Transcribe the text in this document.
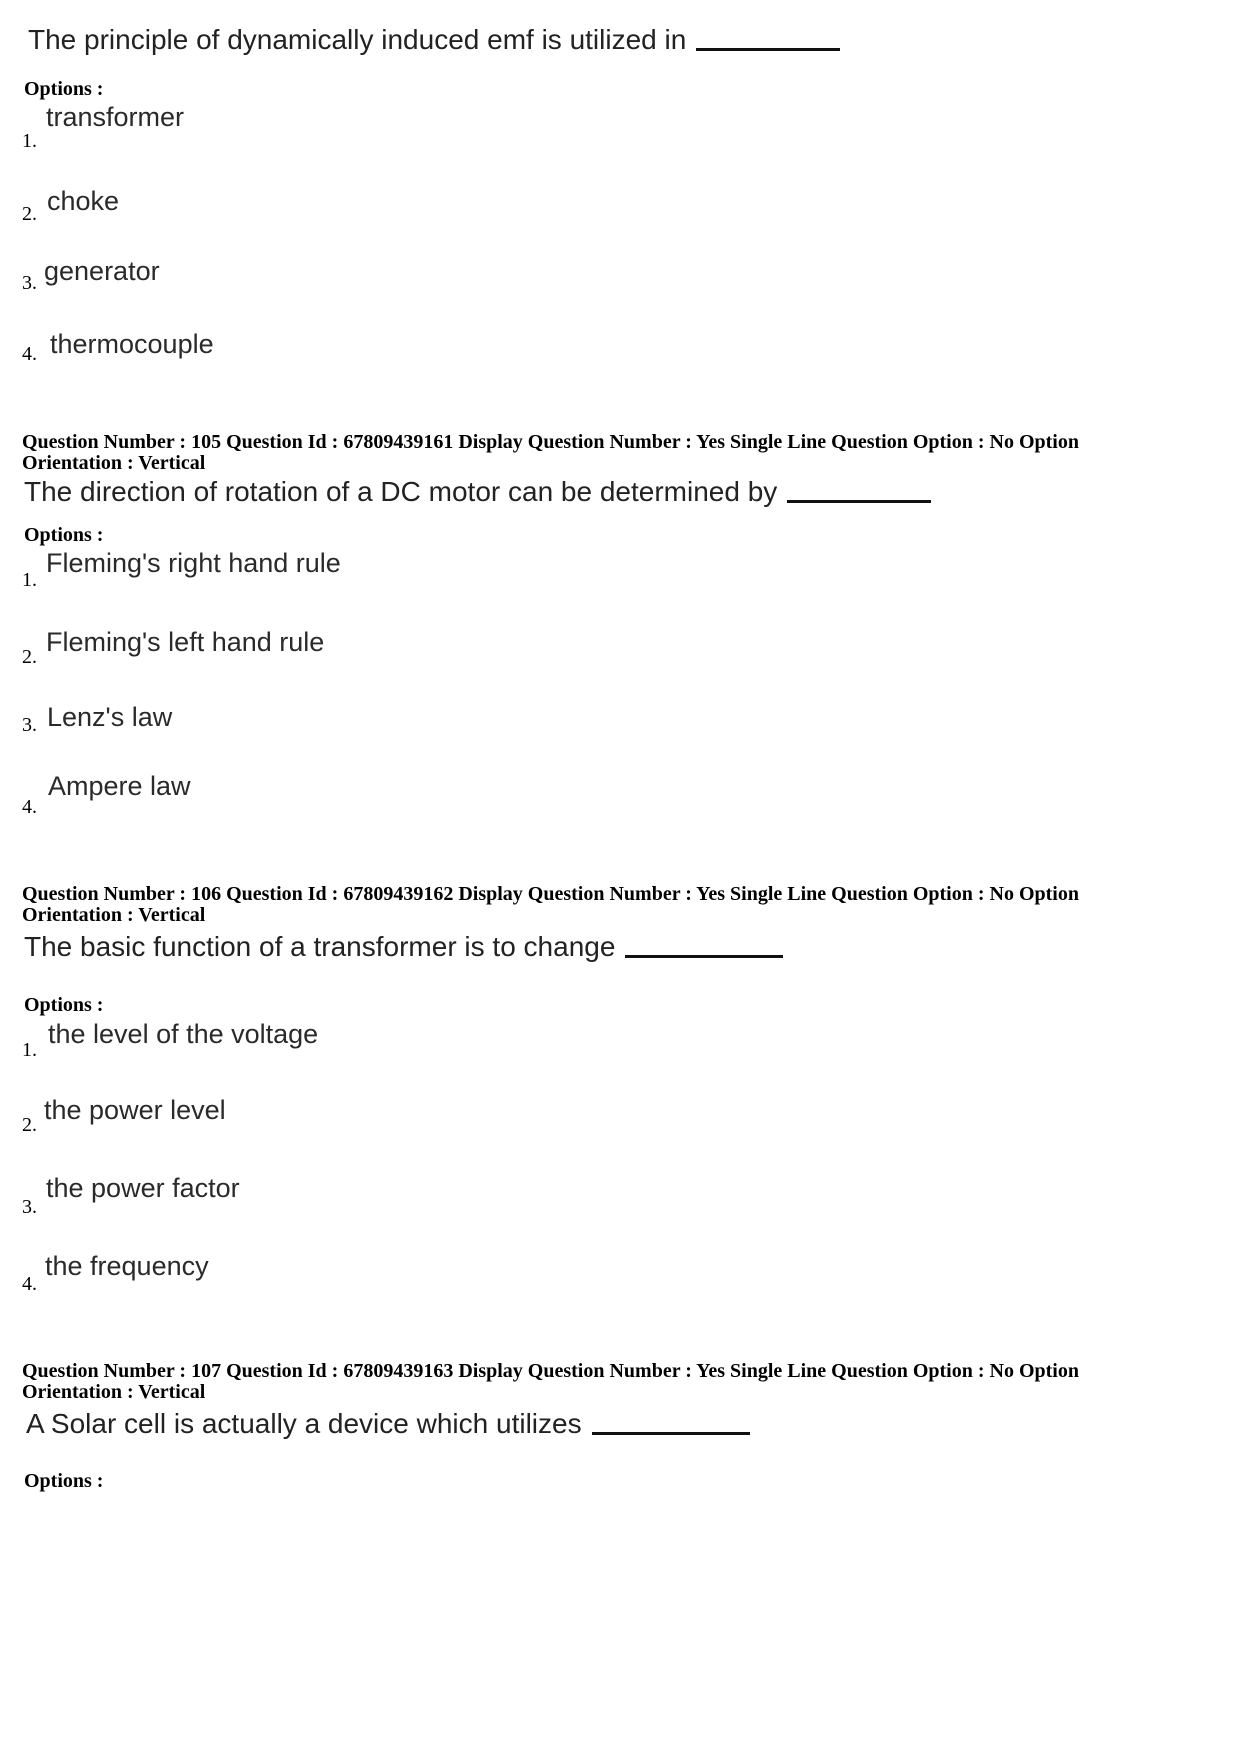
The principle of dynamically induced emf is utilized in
Options :
1.
transformer
2. choke
3. generator
4. thermocouple
Question Number : 105 Question Id : 67809439161 Display Question Number : Yes Single Line Question Option : No Option
Orientation : Vertical
The direction of rotation of a DC motor can be determined by
Options :
1.
Fleming's right hand rule
2. Fleming's left hand rule
3. Lenz's law
4.
Ampere law
Question Number : 106 Question Id : 67809439162 Display Question Number : Yes Single Line Question Option : No Option
Orientation : Vertical
The basic function of a transformer is to change
Options :
1.
the level of the voltage
2. the power level
3.
the power factor
4.
the frequency
Question Number : 107 Question Id : 67809439163 Display Question Number : Yes Single Line Question Option : No Option
Orientation : Vertical
A Solar cell is actually a device which utilizes
Options :
